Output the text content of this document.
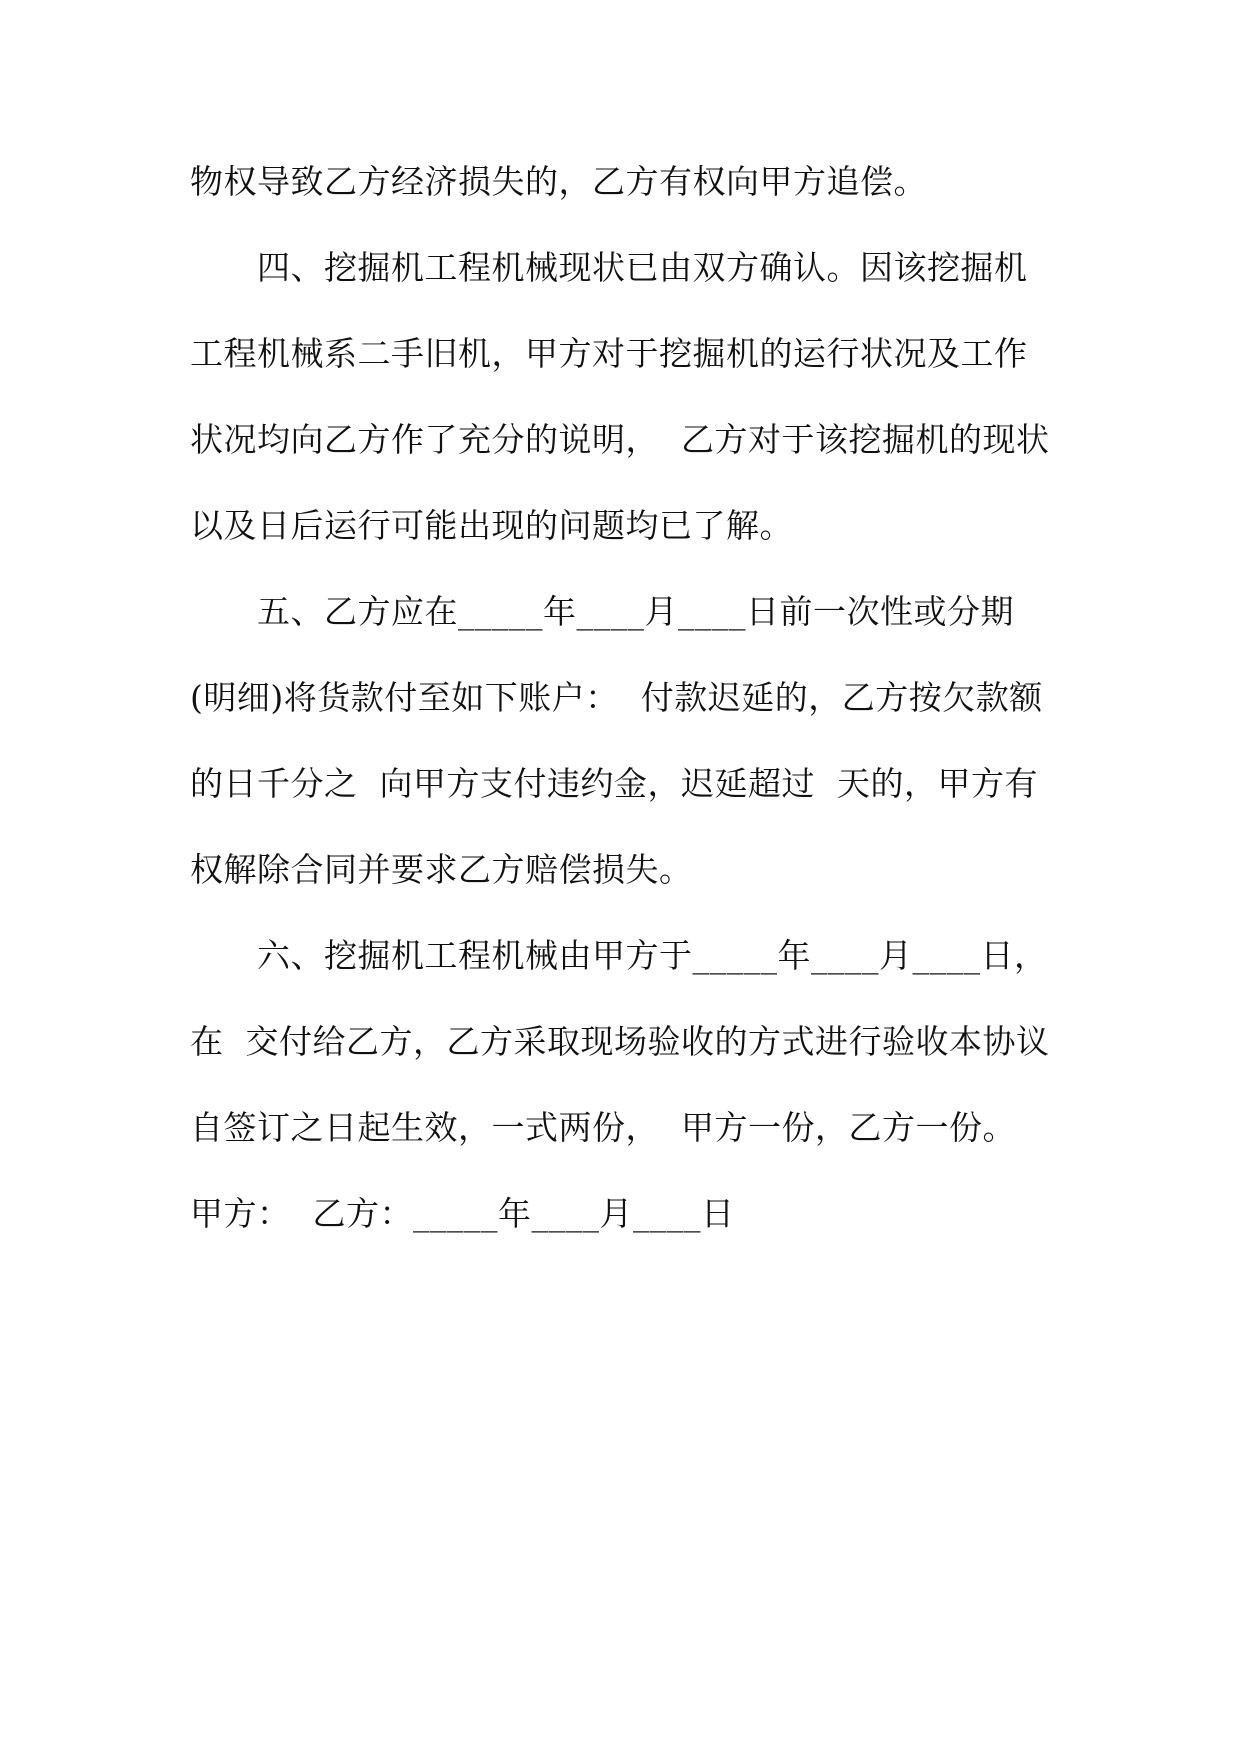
物权导致乙方经济损失的，乙方有权向甲方追偿。
　　四、挖掘机工程机械现状已由双方确认。因该挖掘机
工程机械系二手旧机，甲方对于挖掘机的运行状况及工作
状况均向乙方作了充分的说明，  乙方对于该挖掘机的现状
以及日后运行可能出现的问题均已了解。
　　五、乙方应在_____年____月____日前一次性或分期
(明细)将货款付至如下账户：  付款迟延的，乙方按欠款额
的日千分之  向甲方支付违约金，迟延超过  天的，甲方有
权解除合同并要求乙方赔偿损失。
　　六、挖掘机工程机械由甲方于_____年____月____日，
在  交付给乙方，乙方采取现场验收的方式进行验收本协议
自签订之日起生效，一式两份，  甲方一份，乙方一份。
甲方：  乙方：_____年____月____日
